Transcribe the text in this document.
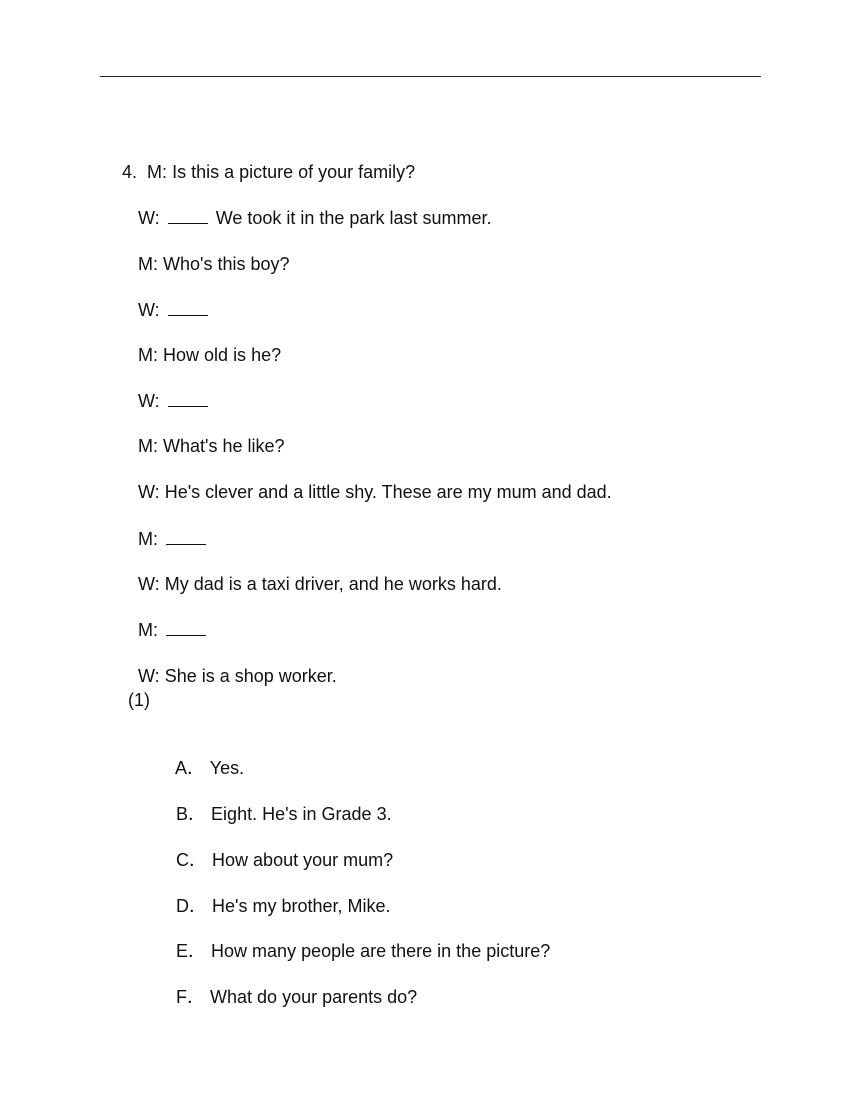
4. M: Is this a picture of your family?

W:	We took it in the park last summer.

M: Who's this boy?

W:

M: How old is he?

W:

M: What's he like?

W: He's clever and a little shy. These are my mum and dad.

M:

W: My dad is a taxi driver, and he works hard.

M:

W: She is a shop worker.

(1)

A． Yes.

B． Eight. He's in Grade 3.

C． How about your mum?

D． He's my brother, Mike.

E． How many people are there in the picture?

F． What do your parents do?
